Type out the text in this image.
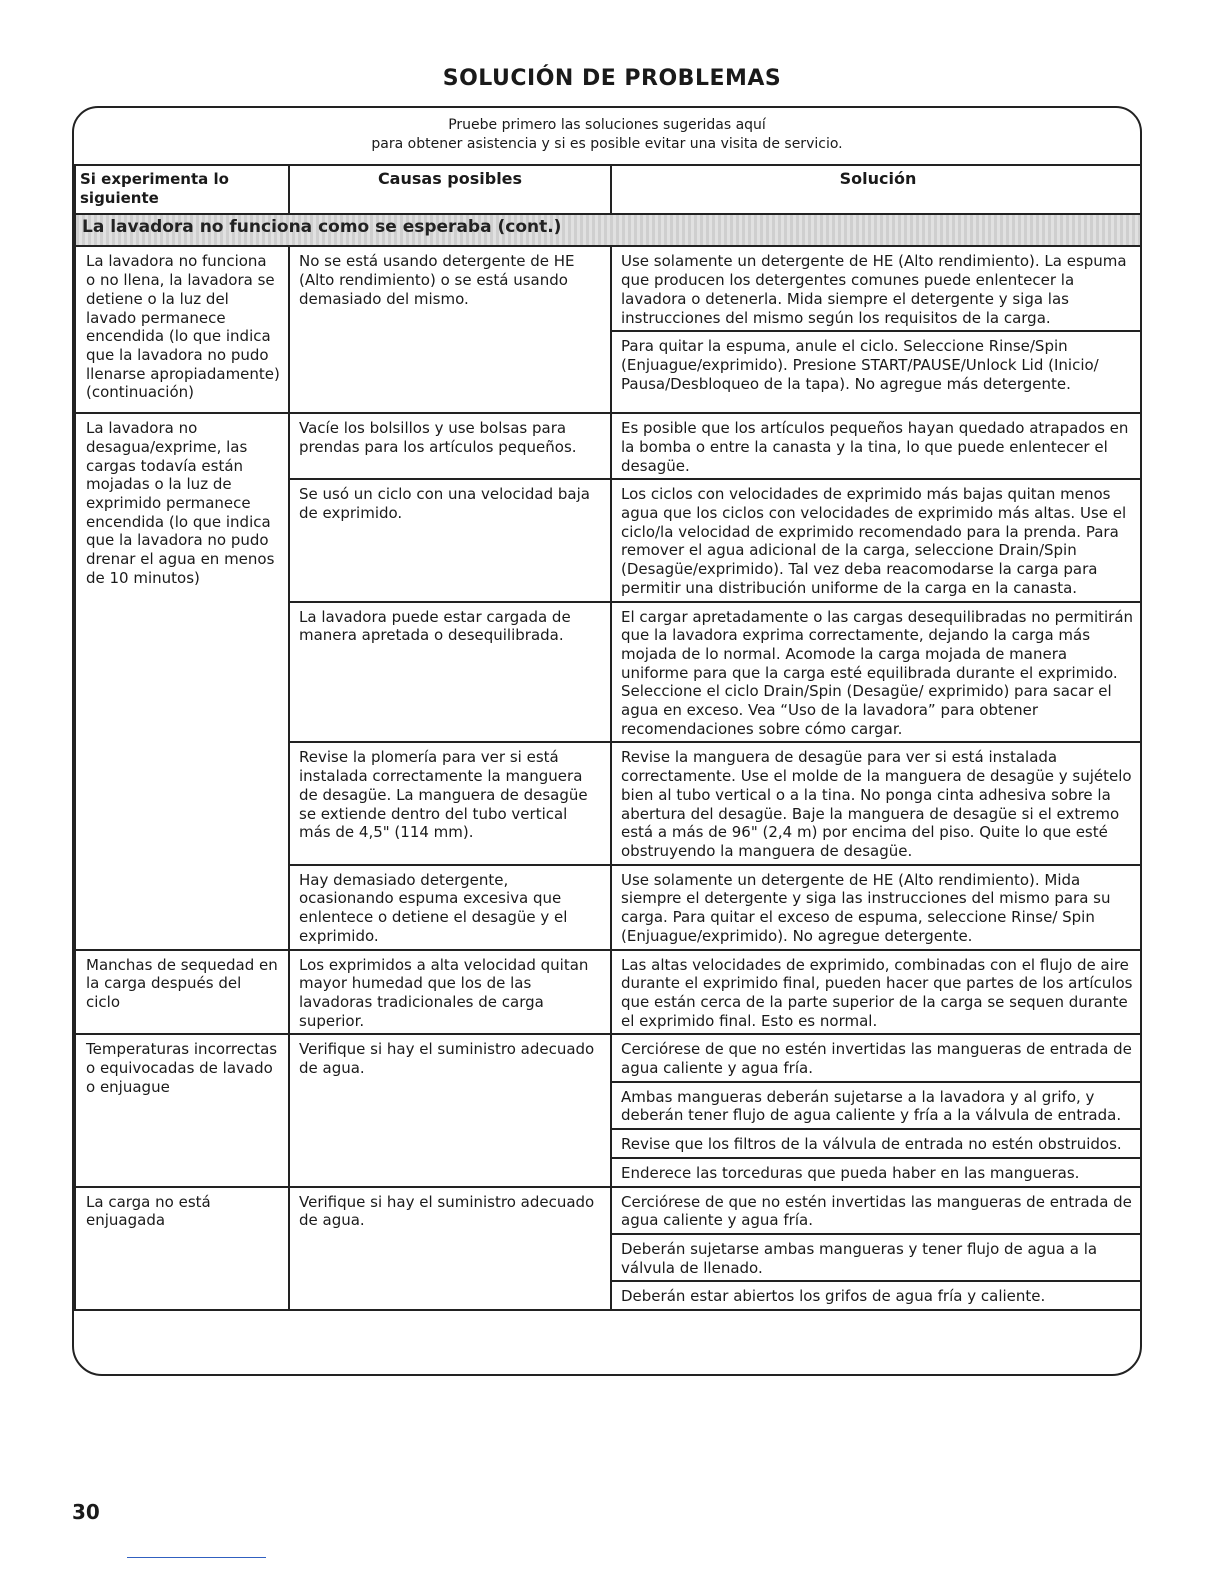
SOLUCIÓN DE PROBLEMAS
Pruebe primero las soluciones sugeridas aquí
para obtener asistencia y si es posible evitar una visita de servicio.
Si experimenta lo siguiente	Causas posibles	Solución
La lavadora no funciona como se esperaba (cont.)		
La lavadora no funciona o no llena, la lavadora se detiene o la luz del lavado permanece encendida (lo que indica que la lavadora no pudo llenarse apropiadamente) (continuación)	No se está usando detergente de HE (Alto rendimiento) o se está usando demasiado del mismo.	Use solamente un detergente de HE (Alto rendimiento). La espuma que producen los detergentes comunes puede enlentecer la lavadora o detenerla. Mida siempre el detergente y siga las instrucciones del mismo según los requisitos de la carga.
		Para quitar la espuma, anule el ciclo. Seleccione Rinse/Spin (Enjuague/exprimido). Presione START/PAUSE/Unlock Lid (Inicio/ Pausa/Desbloqueo de la tapa). No agregue más detergente.
La lavadora no desagua/exprime, las cargas todavía están mojadas o la luz de exprimido permanece encendida (lo que indica que la lavadora no pudo drenar el agua en menos de 10 minutos)	Vacíe los bolsillos y use bolsas para prendas para los artículos pequeños.	Es posible que los artículos pequeños hayan quedado atrapados en la bomba o entre la canasta y la tina, lo que puede enlentecer el desagüe.
	Se usó un ciclo con una velocidad baja de exprimido.	Los ciclos con velocidades de exprimido más bajas quitan menos agua que los ciclos con velocidades de exprimido más altas. Use el ciclo/la velocidad de exprimido recomendado para la prenda. Para remover el agua adicional de la carga, seleccione Drain/Spin (Desagüe/exprimido). Tal vez deba reacomodarse la carga para permitir una distribución uniforme de la carga en la canasta.
	La lavadora puede estar cargada de manera apretada o desequilibrada.	El cargar apretadamente o las cargas desequilibradas no permitirán que la lavadora exprima correctamente, dejando la carga más mojada de lo normal. Acomode la carga mojada de manera uniforme para que la carga esté equilibrada durante el exprimido. Seleccione el ciclo Drain/Spin (Desagüe/ exprimido) para sacar el agua en exceso. Vea “Uso de la lavadora” para obtener recomendaciones sobre cómo cargar.
	Revise la plomería para ver si está instalada correctamente la manguera de desagüe. La manguera de desagüe se extiende dentro del tubo vertical más de 4,5" (114 mm).	Revise la manguera de desagüe para ver si está instalada correctamente. Use el molde de la manguera de desagüe y sujételo bien al tubo vertical o a la tina. No ponga cinta adhesiva sobre la abertura del desagüe. Baje la manguera de desagüe si el extremo está a más de 96" (2,4 m) por encima del piso. Quite lo que esté obstruyendo la manguera de desagüe.
	Hay demasiado detergente, ocasionando espuma excesiva que enlentece o detiene el desagüe y el exprimido.	Use solamente un detergente de HE (Alto rendimiento). Mida siempre el detergente y siga las instrucciones del mismo para su carga. Para quitar el exceso de espuma, seleccione Rinse/ Spin (Enjuague/exprimido). No agregue detergente.
Manchas de sequedad en la carga después del ciclo	Los exprimidos a alta velocidad quitan mayor humedad que los de las lavadoras tradicionales de carga superior.	Las altas velocidades de exprimido, combinadas con el flujo de aire durante el exprimido final, pueden hacer que partes de los artículos que están cerca de la parte superior de la carga se sequen durante el exprimido final. Esto es normal.
Temperaturas incorrectas o equivocadas de lavado o enjuague	Verifique si hay el suministro adecuado de agua.	Cerciórese de que no estén invertidas las mangueras de entrada de agua caliente y agua fría.
		Ambas mangueras deberán sujetarse a la lavadora y al grifo, y deberán tener flujo de agua caliente y fría a la válvula de entrada.
		Revise que los filtros de la válvula de entrada no estén obstruidos.
		Enderece las torceduras que pueda haber en las mangueras.
La carga no está enjuagada	Verifique si hay el suministro adecuado de agua.	Cerciórese de que no estén invertidas las mangueras de entrada de agua caliente y agua fría.
		Deberán sujetarse ambas mangueras y tener flujo de agua a la válvula de llenado.
		Deberán estar abiertos los grifos de agua fría y caliente.
30
